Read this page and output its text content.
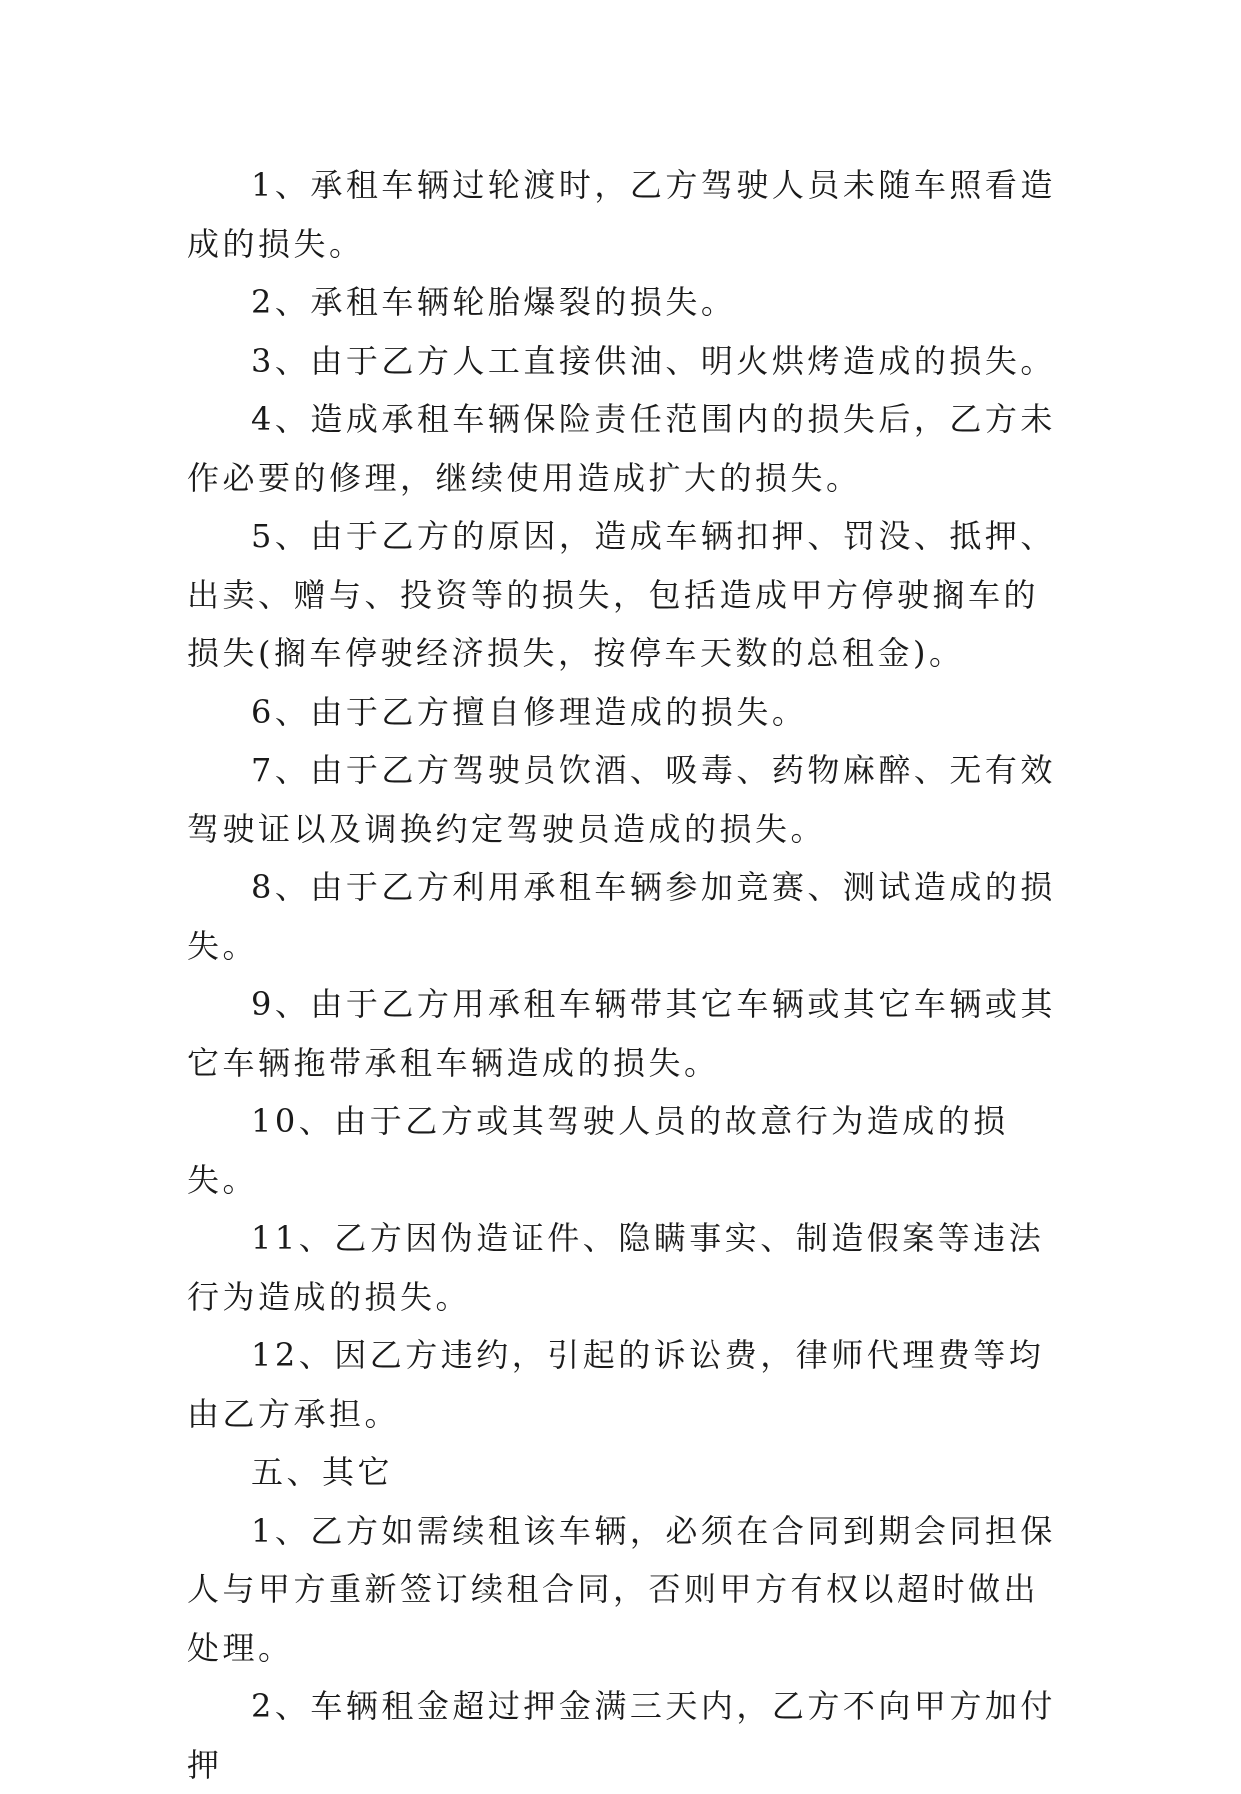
1、承租车辆过轮渡时，乙方驾驶人员未随车照看造成的损失。

2、承租车辆轮胎爆裂的损失。

3、由于乙方人工直接供油、明火烘烤造成的损失。

4、造成承租车辆保险责任范围内的损失后，乙方未作必要的修理，继续使用造成扩大的损失。

5、由于乙方的原因，造成车辆扣押、罚没、抵押、出卖、赠与、投资等的损失，包括造成甲方停驶搁车的损失(搁车停驶经济损失，按停车天数的总租金)。

6、由于乙方擅自修理造成的损失。

7、由于乙方驾驶员饮酒、吸毒、药物麻醉、无有效驾驶证以及调换约定驾驶员造成的损失。

8、由于乙方利用承租车辆参加竞赛、测试造成的损失。

9、由于乙方用承租车辆带其它车辆或其它车辆或其它车辆拖带承租车辆造成的损失。

10、由于乙方或其驾驶人员的故意行为造成的损失。

11、乙方因伪造证件、隐瞒事实、制造假案等违法行为造成的损失。

12、因乙方违约，引起的诉讼费，律师代理费等均由乙方承担。

五、其它

1、乙方如需续租该车辆，必须在合同到期会同担保人与甲方重新签订续租合同，否则甲方有权以超时做出处理。

2、车辆租金超过押金满三天内，乙方不向甲方加付押
